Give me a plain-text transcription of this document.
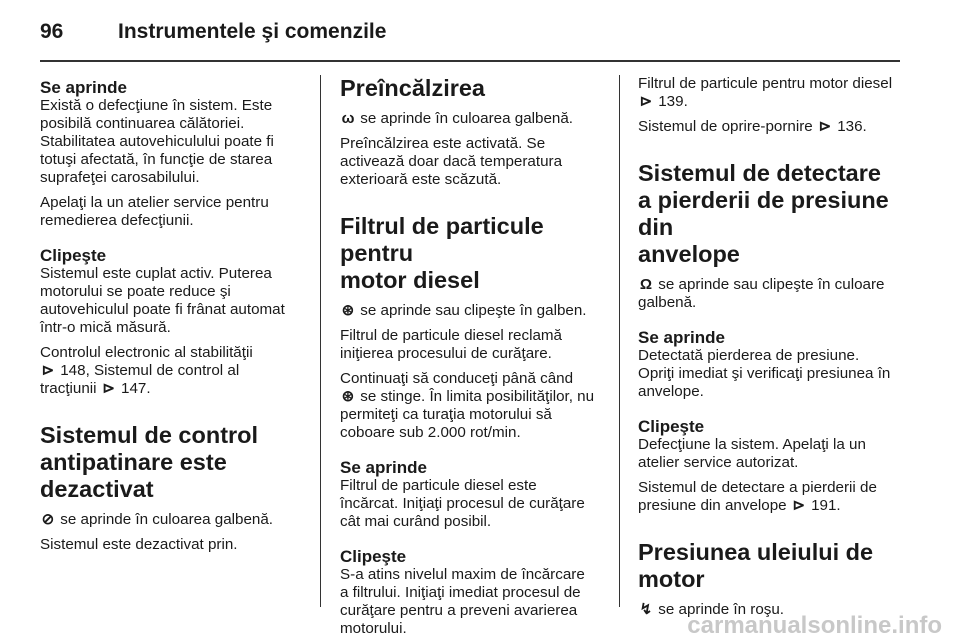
96	Instrumentele şi comenzile
Se aprinde

Există o defecţiune în sistem. Este
posibilă continuarea călătoriei.
Stabilitatea autovehiculului poate fi
totuşi afectată, în funcţie de starea
suprafeţei carosabilului.

Apelaţi la un atelier service pentru
remedierea defecţiunii.

Clipeşte

Sistemul este cuplat activ. Puterea
motorului se poate reduce şi
autovehiculul poate fi frânat automat
într-o mică măsură.

Controlul electronic al stabilităţii
⊳ 148, Sistemul de control al
tracţiunii ⊳ 147.

Sistemul de control
antipatinare este
dezactivat

⊘ se aprinde în culoarea galbenă.

Sistemul este dezactivat prin.

Preîncălzirea

ω se aprinde în culoarea galbenă.

Preîncălzirea este activată. Se
activează doar dacă temperatura
exterioară este scăzută.

Filtrul de particule pentru
motor diesel

⊛ se aprinde sau clipeşte în galben.

Filtrul de particule diesel reclamă
iniţierea procesului de curăţare.

Continuaţi să conduceţi până când
⊛ se stinge. În limita posibilităţilor, nu
permiteţi ca turaţia motorului să
coboare sub 2.000 rot/min.

Se aprinde

Filtrul de particule diesel este
încărcat. Iniţiaţi procesul de curăţare
cât mai curând posibil.

Clipeşte

S-a atins nivelul maxim de încărcare
a filtrului. Iniţiaţi imediat procesul de
curăţare pentru a preveni avarierea
motorului.

Filtrul de particule pentru motor diesel
⊳ 139.

Sistemul de oprire-pornire ⊳ 136.

Sistemul de detectare
a pierderii de presiune din
anvelope

Ω se aprinde sau clipeşte în culoare
galbenă.

Se aprinde

Detectată pierderea de presiune.
Opriţi imediat şi verificaţi presiunea în
anvelope.

Clipeşte

Defecţiune la sistem. Apelaţi la un
atelier service autorizat.

Sistemul de detectare a pierderii de
presiune din anvelope ⊳ 191.

Presiunea uleiului de
motor

↯ se aprinde în roşu.

carmanualsonline.info
